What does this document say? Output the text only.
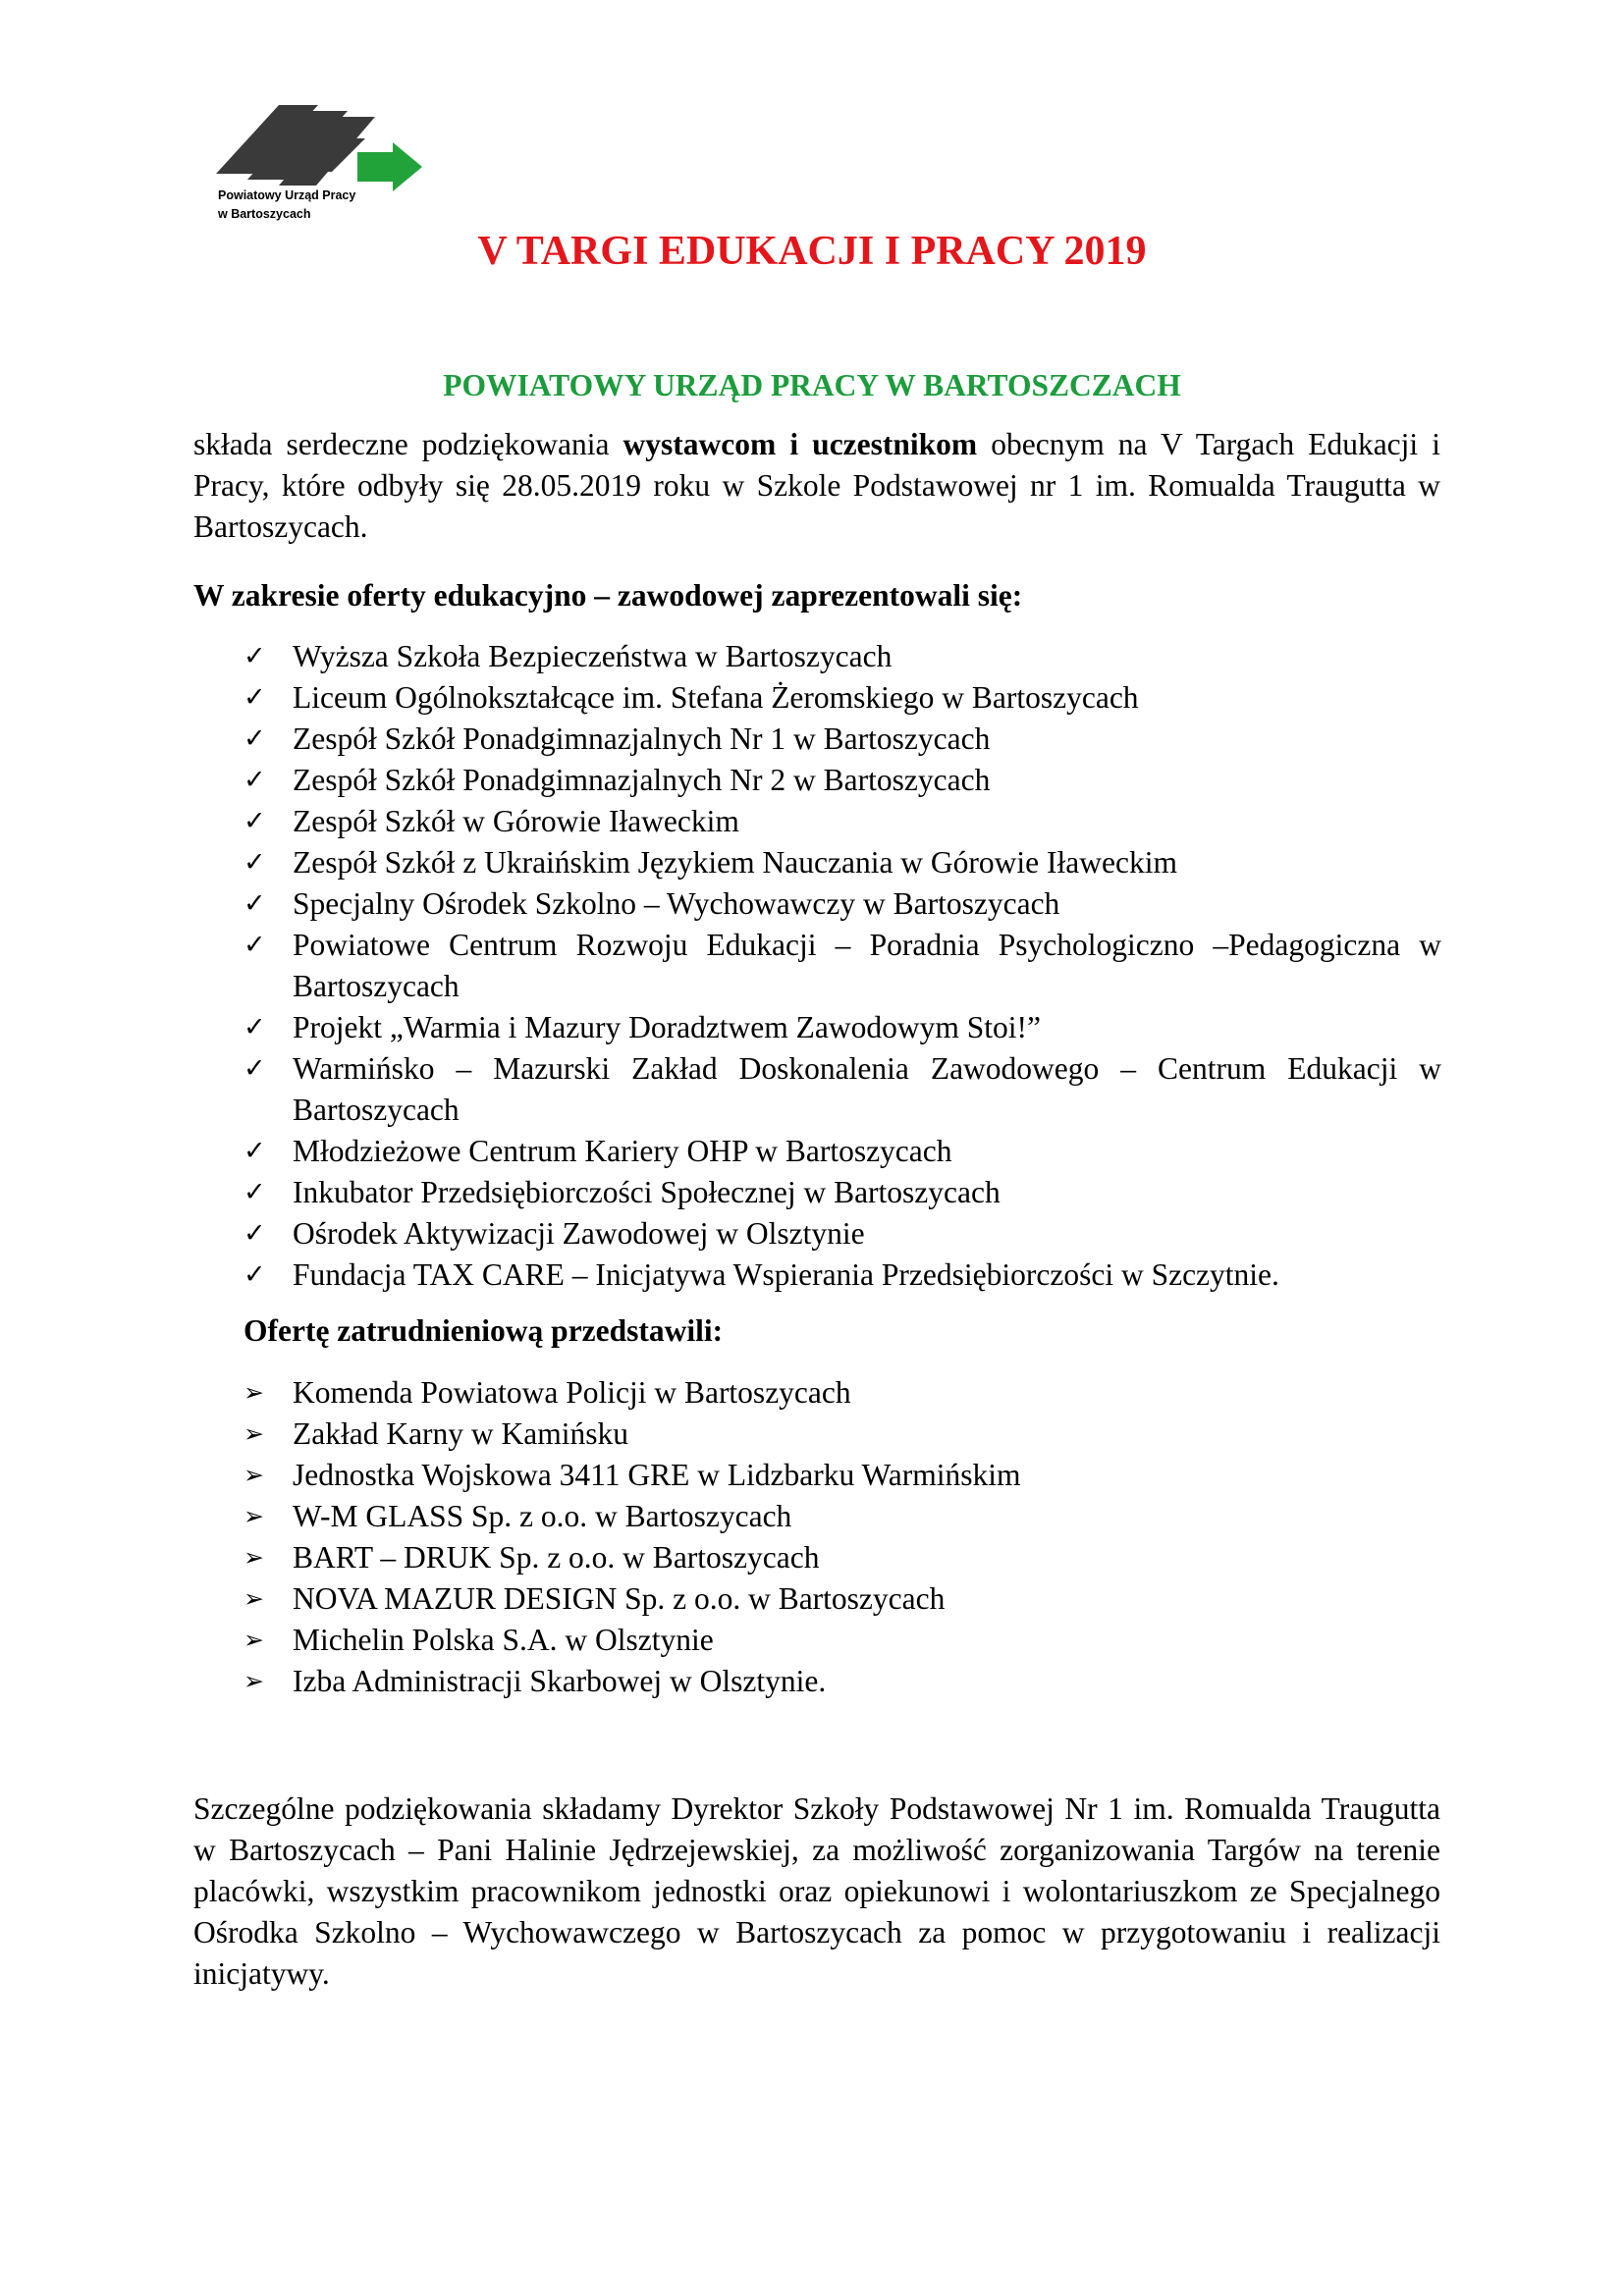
Powiatowy Urząd Pracy
w Bartoszycach
V TARGI EDUKACJI I PRACY 2019
POWIATOWY URZĄD PRACY W BARTOSZCZACH

składa serdeczne podziękowania wystawcom i uczestnikom obecnym na V Targach Edukacji i Pracy, które odbyły się 28.05.2019 roku w Szkole Podstawowej nr 1 im. Romualda Traugutta w Bartoszycach.

W zakresie oferty edukacyjno – zawodowej zaprezentowali się:
✓ Wyższa Szkoła Bezpieczeństwa w Bartoszycach
✓ Liceum Ogólnokształcące im. Stefana Żeromskiego w Bartoszycach
✓ Zespół Szkół Ponadgimnazjalnych Nr 1 w Bartoszycach
✓ Zespół Szkół Ponadgimnazjalnych Nr 2 w Bartoszycach
✓ Zespół Szkół w Górowie Iławeckim
✓ Zespół Szkół z Ukraińskim Językiem Nauczania w Górowie Iławeckim
✓ Specjalny Ośrodek Szkolno – Wychowawczy w Bartoszycach
✓ Powiatowe Centrum Rozwoju Edukacji – Poradnia Psychologiczno –Pedagogiczna w Bartoszycach
✓ Projekt „Warmia i Mazury Doradztwem Zawodowym Stoi!”
✓ Warmińsko – Mazurski Zakład Doskonalenia Zawodowego – Centrum Edukacji w Bartoszycach
✓ Młodzieżowe Centrum Kariery OHP w Bartoszycach
✓ Inkubator Przedsiębiorczości Społecznej w Bartoszycach
✓ Ośrodek Aktywizacji Zawodowej w Olsztynie
✓ Fundacja TAX CARE – Inicjatywa Wspierania Przedsiębiorczości w Szczytnie.
Ofertę zatrudnieniową przedstawili:
➢ Komenda Powiatowa Policji w Bartoszycach
➢ Zakład Karny w Kamińsku
➢ Jednostka Wojskowa 3411 GRE w Lidzbarku Warmińskim
➢ W-M GLASS Sp. z o.o. w Bartoszycach
➢ BART – DRUK Sp. z o.o. w Bartoszycach
➢ NOVA MAZUR DESIGN Sp. z o.o. w Bartoszycach
➢ Michelin Polska S.A. w Olsztynie
➢ Izba Administracji Skarbowej w Olsztynie.

Szczególne podziękowania składamy Dyrektor Szkoły Podstawowej Nr 1 im. Romualda Traugutta w Bartoszycach – Pani Halinie Jędrzejewskiej, za możliwość zorganizowania Targów na terenie placówki, wszystkim pracownikom jednostki oraz opiekunowi i wolontariuszkom ze Specjalnego Ośrodka Szkolno – Wychowawczego w Bartoszycach za pomoc w przygotowaniu i realizacji inicjatywy.
